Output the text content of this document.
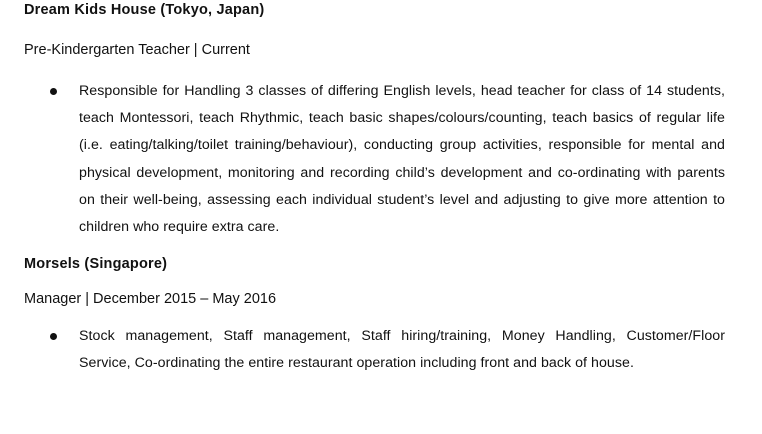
Dream Kids House (Tokyo, Japan)
Pre-Kindergarten Teacher | Current
Responsible for Handling 3 classes of differing English levels, head teacher for class of 14 students, teach Montessori, teach Rhythmic, teach basic shapes/colours/counting, teach basics of regular life (i.e. eating/talking/toilet training/behaviour), conducting group activities, responsible for mental and physical development, monitoring and recording child’s development and co-ordinating with parents on their well-being, assessing each individual student’s level and adjusting to give more attention to children who require extra care.
Morsels (Singapore)
Manager | December 2015 – May 2016
Stock management, Staff management, Staff hiring/training, Money Handling, Customer/Floor Service, Co-ordinating the entire restaurant operation including front and back of house.
